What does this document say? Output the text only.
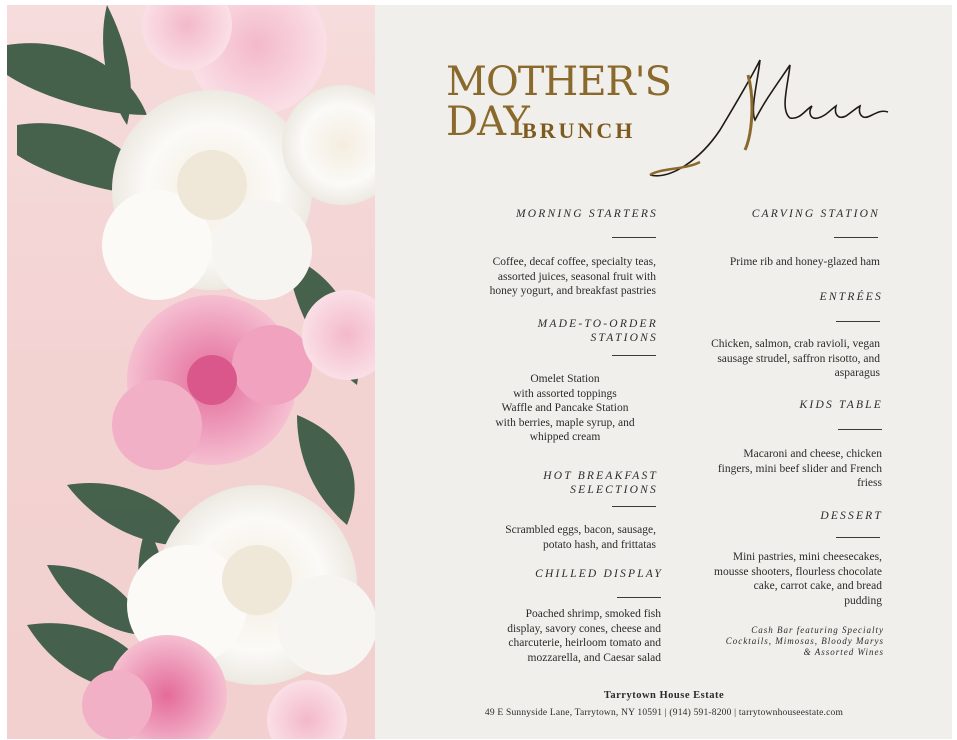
MOTHER'S DAY
BRUNCH
MORNING STARTERS
Coffee, decaf coffee, specialty teas,
assorted juices, seasonal fruit with
honey yogurt, and breakfast pastries
MADE-TO-ORDER
STATIONS
Omelet Station
with assorted toppings
Waffle and Pancake Station
with berries, maple syrup, and
whipped cream
HOT BREAKFAST
SELECTIONS
Scrambled eggs, bacon, sausage,
potato hash, and frittatas
CHILLED DISPLAY
Poached shrimp, smoked fish
display, savory cones, cheese and
charcuterie, heirloom tomato and
mozzarella, and Caesar salad
CARVING STATION
Prime rib and honey-glazed ham
ENTRÉES
Chicken, salmon, crab ravioli, vegan
sausage strudel, saffron risotto, and
asparagus
KIDS TABLE
Macaroni and cheese, chicken
fingers, mini beef slider and French
friess
DESSERT
Mini pastries, mini cheesecakes,
mousse shooters, flourless chocolate
cake, carrot cake, and bread
pudding
Cash Bar featuring Specialty
Cocktails, Mimosas, Bloody Marys
& Assorted Wines
Tarrytown House Estate
49 E Sunnyside Lane, Tarrytown, NY 10591 | (914) 591-8200 | tarrytownhouseestate.com
